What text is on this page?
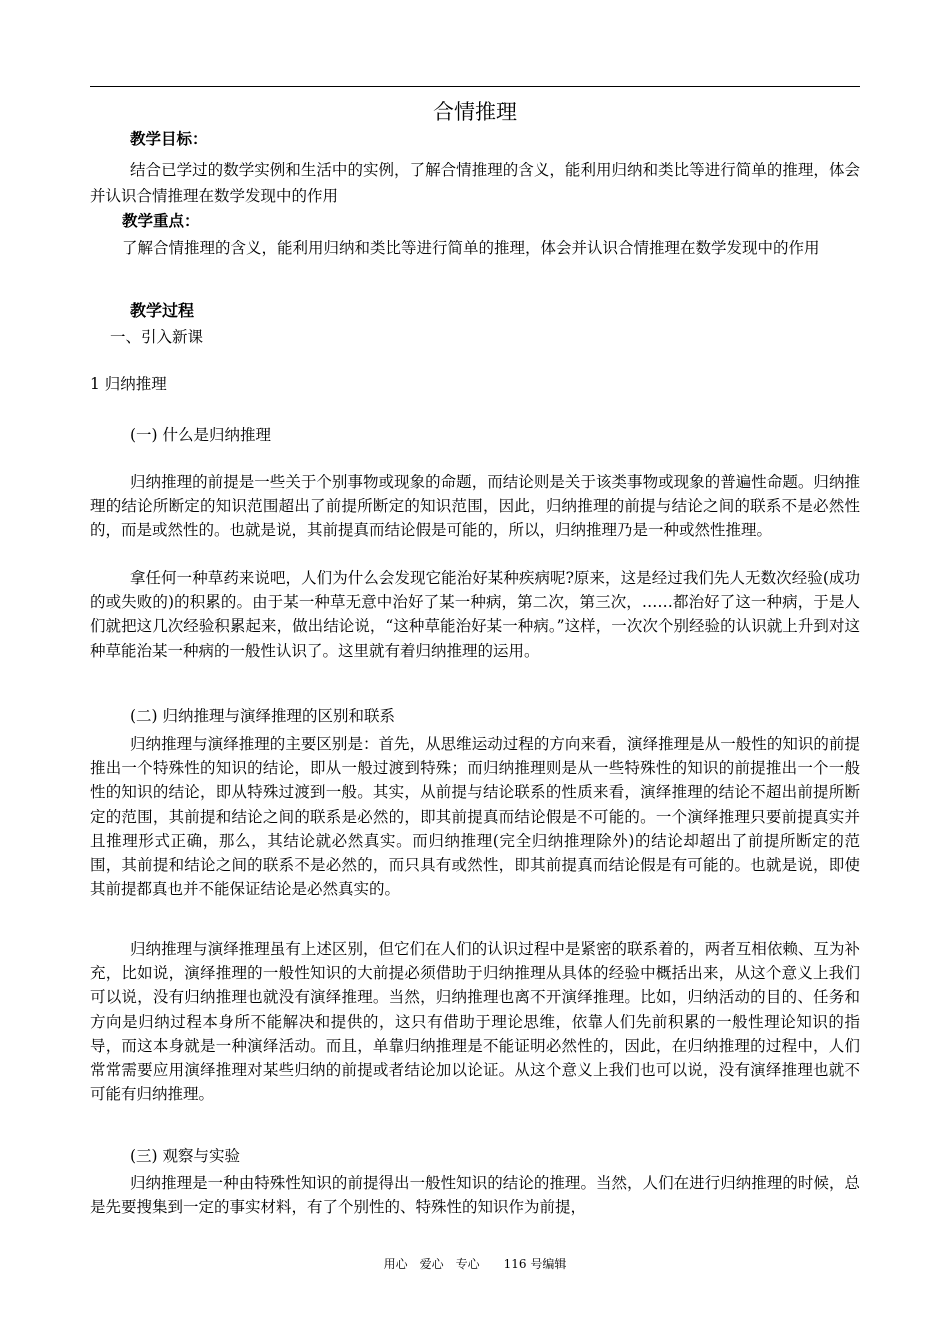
合情推理
教学目标：
结合已学过的数学实例和生活中的实例，了解合情推理的含义，能利用归纳和类比等进行简单的推理，体会并认识合情推理在数学发现中的作用
教学重点：
了解合情推理的含义，能利用归纳和类比等进行简单的推理，体会并认识合情推理在数学发现中的作用
教学过程
一、引入新课
1 归纳推理
(一) 什么是归纳推理
归纳推理的前提是一些关于个别事物或现象的命题，而结论则是关于该类事物或现象的普遍性命题。归纳推理的结论所断定的知识范围超出了前提所断定的知识范围，因此，归纳推理的前提与结论之间的联系不是必然性的，而是或然性的。也就是说，其前提真而结论假是可能的，所以，归纳推理乃是一种或然性推理。
拿任何一种草药来说吧，人们为什么会发现它能治好某种疾病呢?原来，这是经过我们先人无数次经验(成功的或失败的)的积累的。由于某一种草无意中治好了某一种病，第二次，第三次，……都治好了这一种病，于是人们就把这几次经验积累起来，做出结论说，“这种草能治好某一种病。”这样，一次次个别经验的认识就上升到对这种草能治某一种病的一般性认识了。这里就有着归纳推理的运用。
(二) 归纳推理与演绎推理的区别和联系
归纳推理与演绎推理的主要区别是：首先，从思维运动过程的方向来看，演绎推理是从一般性的知识的前提推出一个特殊性的知识的结论，即从一般过渡到特殊；而归纳推理则是从一些特殊性的知识的前提推出一个一般性的知识的结论，即从特殊过渡到一般。其实，从前提与结论联系的性质来看，演绎推理的结论不超出前提所断定的范围，其前提和结论之间的联系是必然的，即其前提真而结论假是不可能的。一个演绎推理只要前提真实并且推理形式正确，那么，其结论就必然真实。而归纳推理(完全归纳推理除外)的结论却超出了前提所断定的范围，其前提和结论之间的联系不是必然的，而只具有或然性，即其前提真而结论假是有可能的。也就是说，即使其前提都真也并不能保证结论是必然真实的。
归纳推理与演绎推理虽有上述区别，但它们在人们的认识过程中是紧密的联系着的，两者互相依赖、互为补充，比如说，演绎推理的一般性知识的大前提必须借助于归纳推理从具体的经验中概括出来，从这个意义上我们可以说，没有归纳推理也就没有演绎推理。当然，归纳推理也离不开演绎推理。比如，归纳活动的目的、任务和方向是归纳过程本身所不能解决和提供的，这只有借助于理论思维，依靠人们先前积累的一般性理论知识的指导，而这本身就是一种演绎活动。而且，单靠归纳推理是不能证明必然性的，因此，在归纳推理的过程中，人们常常需要应用演绎推理对某些归纳的前提或者结论加以论证。从这个意义上我们也可以说，没有演绎推理也就不可能有归纳推理。
(三) 观察与实验
归纳推理是一种由特殊性知识的前提得出一般性知识的结论的推理。当然，人们在进行归纳推理的时候，总是先要搜集到一定的事实材料，有了个别性的、特殊性的知识作为前提，
用心　爱心　专心　　116 号编辑
